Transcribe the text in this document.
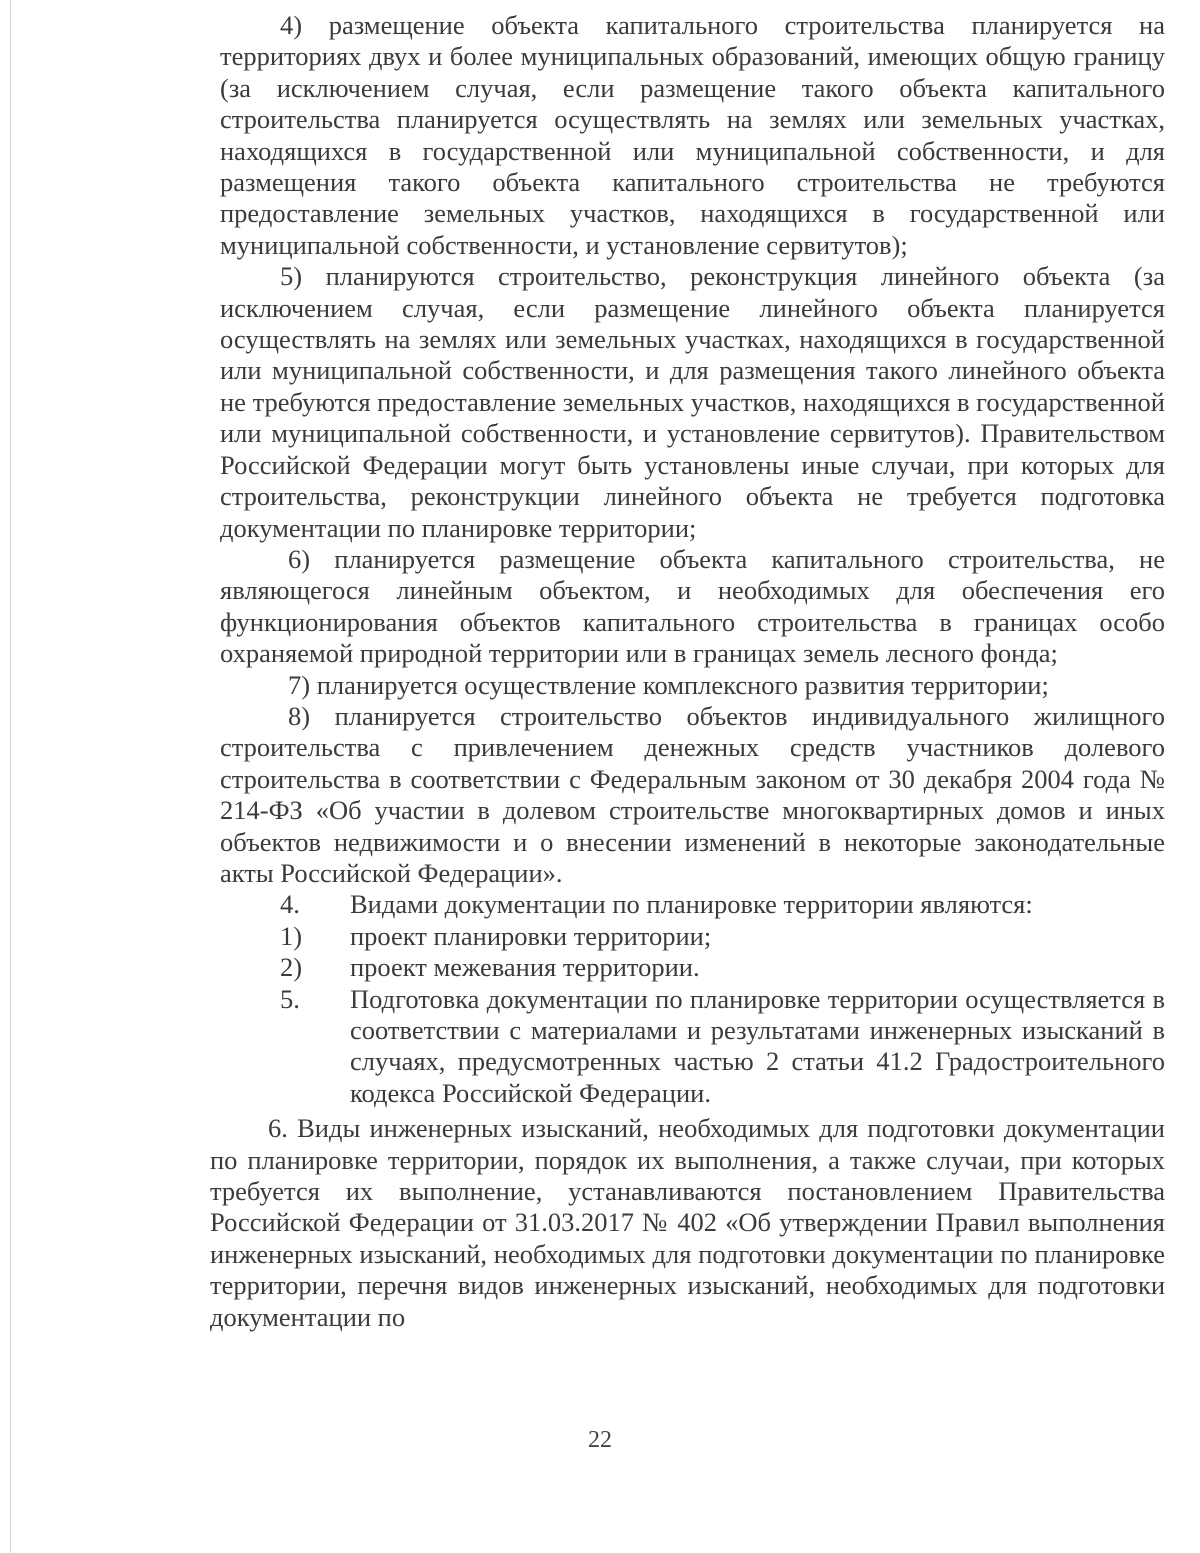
4) размещение объекта капитального строительства планируется на территориях двух и более муниципальных образований, имеющих общую границу (за исключением случая, если размещение такого объекта капитального строительства планируется осуществлять на землях или земельных участках, находящихся в государственной или муниципальной собственности, и для размещения такого объекта капитального строительства не требуются предоставление земельных участков, находящихся в государственной или муниципальной собственности, и установление сервитутов);

5) планируются строительство, реконструкция линейного объекта (за исключением случая, если размещение линейного объекта планируется осуществлять на землях или земельных участках, находящихся в государственной или муниципальной собственности, и для размещения такого линейного объекта не требуются предоставление земельных участков, находящихся в государственной или муниципальной собственности, и установление сервитутов). Правительством Российской Федерации могут быть установлены иные случаи, при которых для строительства, реконструкции линейного объекта не требуется подготовка документации по планировке территории;

6) планируется размещение объекта капитального строительства, не являющегося линейным объектом, и необходимых для обеспечения его функционирования объектов капитального строительства в границах особо охраняемой природной территории или в границах земель лесного фонда;

7) планируется осуществление комплексного развития территории;

8) планируется строительство объектов индивидуального жилищного строительства с привлечением денежных средств участников долевого строительства в соответствии с Федеральным законом от 30 декабря 2004 года № 214-ФЗ «Об участии в долевом строительстве многоквартирных домов и иных объектов недвижимости и о внесении изменений в некоторые законодательные акты Российской Федерации».

4.	Видами документации по планировке территории являются:
1)	проект планировки территории;
2)	проект межевания территории.
5.	Подготовка документации по планировке территории осуществляется в соответствии с материалами и результатами инженерных изысканий в случаях, предусмотренных частью 2 статьи 41.2 Градостроительного кодекса Российской Федерации.

6. Виды инженерных изысканий, необходимых для подготовки документации по планировке территории, порядок их выполнения, а также случаи, при которых требуется их выполнение, устанавливаются постановлением Правительства Российской Федерации от 31.03.2017 № 402 «Об утверждении Правил выполнения инженерных изысканий, необходимых для подготовки документации по планировке территории, перечня видов инженерных изысканий, необходимых для подготовки документации по

22
